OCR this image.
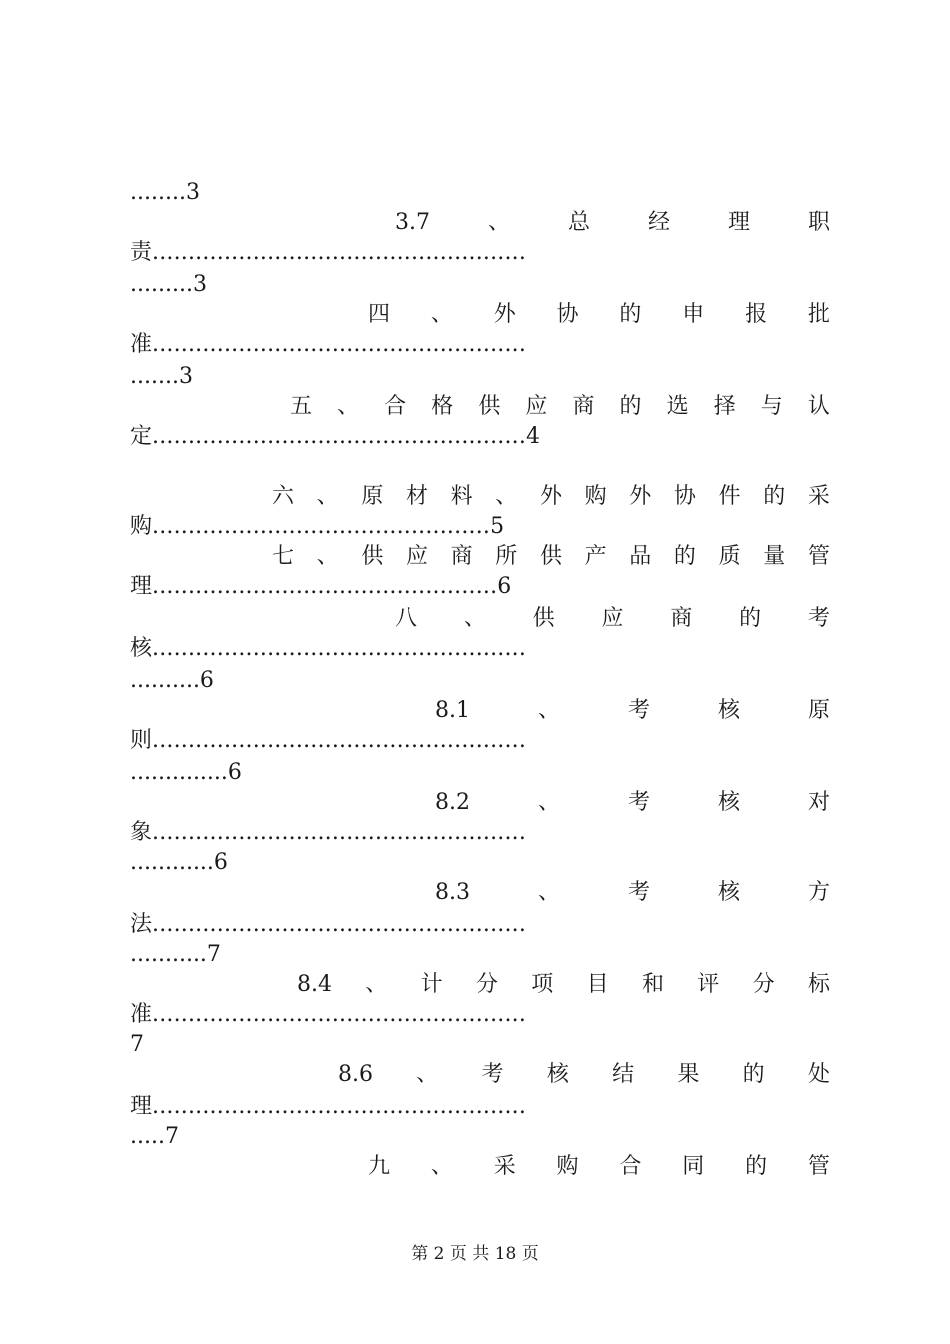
........3
3.7	、	总	经	理	职
责....................................................
.........3
四 、 外 协 的 申 报 批
准....................................................
.......3
五 、 合 格 供 应 商 的 选 择 与 认
定....................................................4
六 、 原 材 料 、 外 购 外 协 件 的 采
购...............................................5
七 、 供 应 商 所 供 产 品 的 质 量 管
理................................................6
八 、 供 应 商 的 考
核....................................................
..........6
8.1	、	考	核	原
则....................................................
..............6
8.2	、	考	核	对
象....................................................
............6
8.3	、	考	核	方
法....................................................
...........7
8.4 、 计 分 项 目 和 评 分 标
准....................................................
7
8.6 、 考 核 结 果 的 处
理....................................................
.....7
九 、 采 购 合 同 的 管
第 2 页 共 18 页
